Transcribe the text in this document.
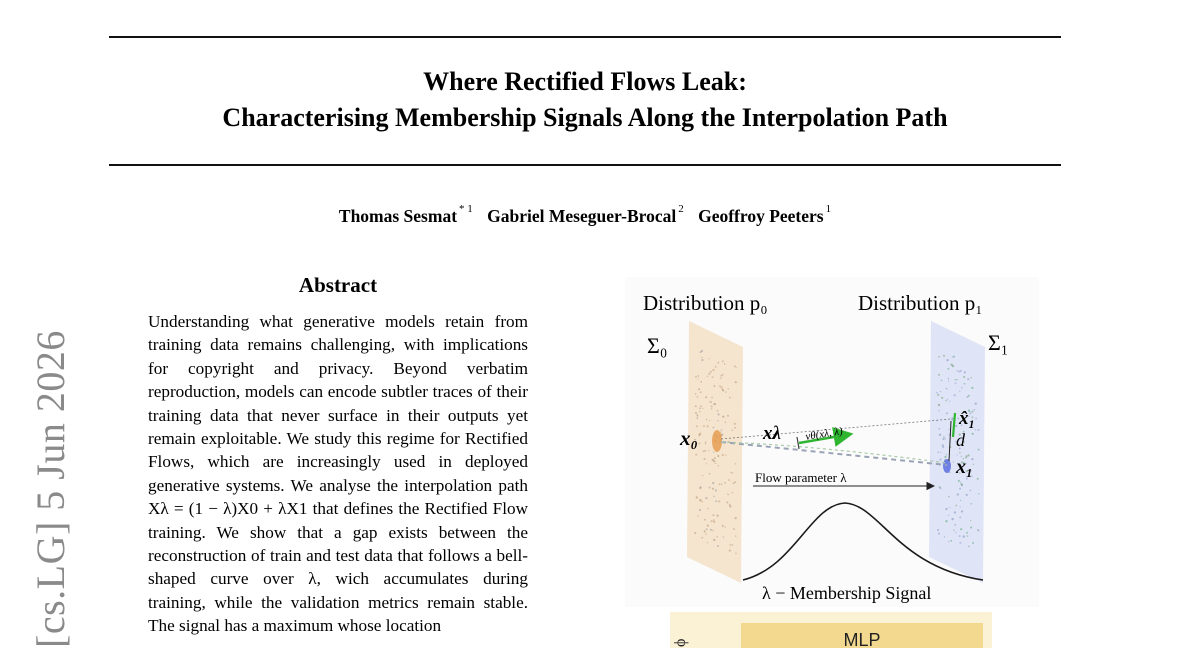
Where Rectified Flows Leak:
Characterising Membership Signals Along the Interpolation Path
Thomas Sesmat $^{* 1}$ Gabriel Meseguer-Brocal $^2$ Geoffroy Peeters $^1$
[cs.LG] 5 Jun 2026
Abstract
Understanding what generative models retain from training data remains challenging, with implications for copyright and privacy. Beyond verbatim reproduction, models can encode subtler traces of their training data that never surface in their outputs yet remain exploitable. We study this regime for Rectified Flows, which are increasingly used in deployed generative systems. We analyse the interpolation path Xλ = (1 − λ)X0 + λX1 that defines the Rectified Flow training. We show that a gap exists between the reconstruction of train and test data that follows a bell-shaped curve over λ, wich accumulates during training, while the validation metrics remain stable. The signal has a maximum whose location
Distribution p₀	Distribution p₁
Σ₀	Σ₁
x₀	xλ vθ(xλ, λ)
x̂₁
d
x₁
Flow parameter λ
λ − Membership Signal
MLP
ϕ
